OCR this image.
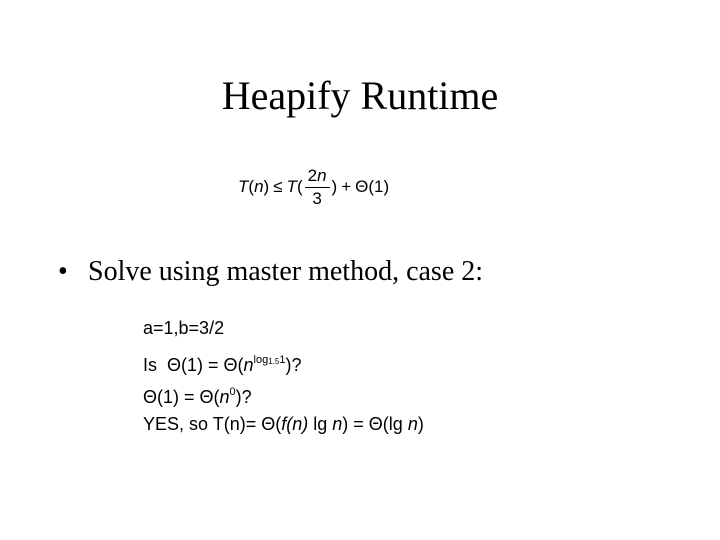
Heapify Runtime
T ( n ) ≤ T ( $\frac{2n}{3}$ ) + Θ(1)
• Solve using master method, case 2:
a=1,b=3/2
Is  $\Theta(1) = \Theta(n^{log1.51})$?
$\Theta(1) = \Theta(n^0)$?
YES, so T(n)= Θ(f(n) lg n) = Θ(lg n)
